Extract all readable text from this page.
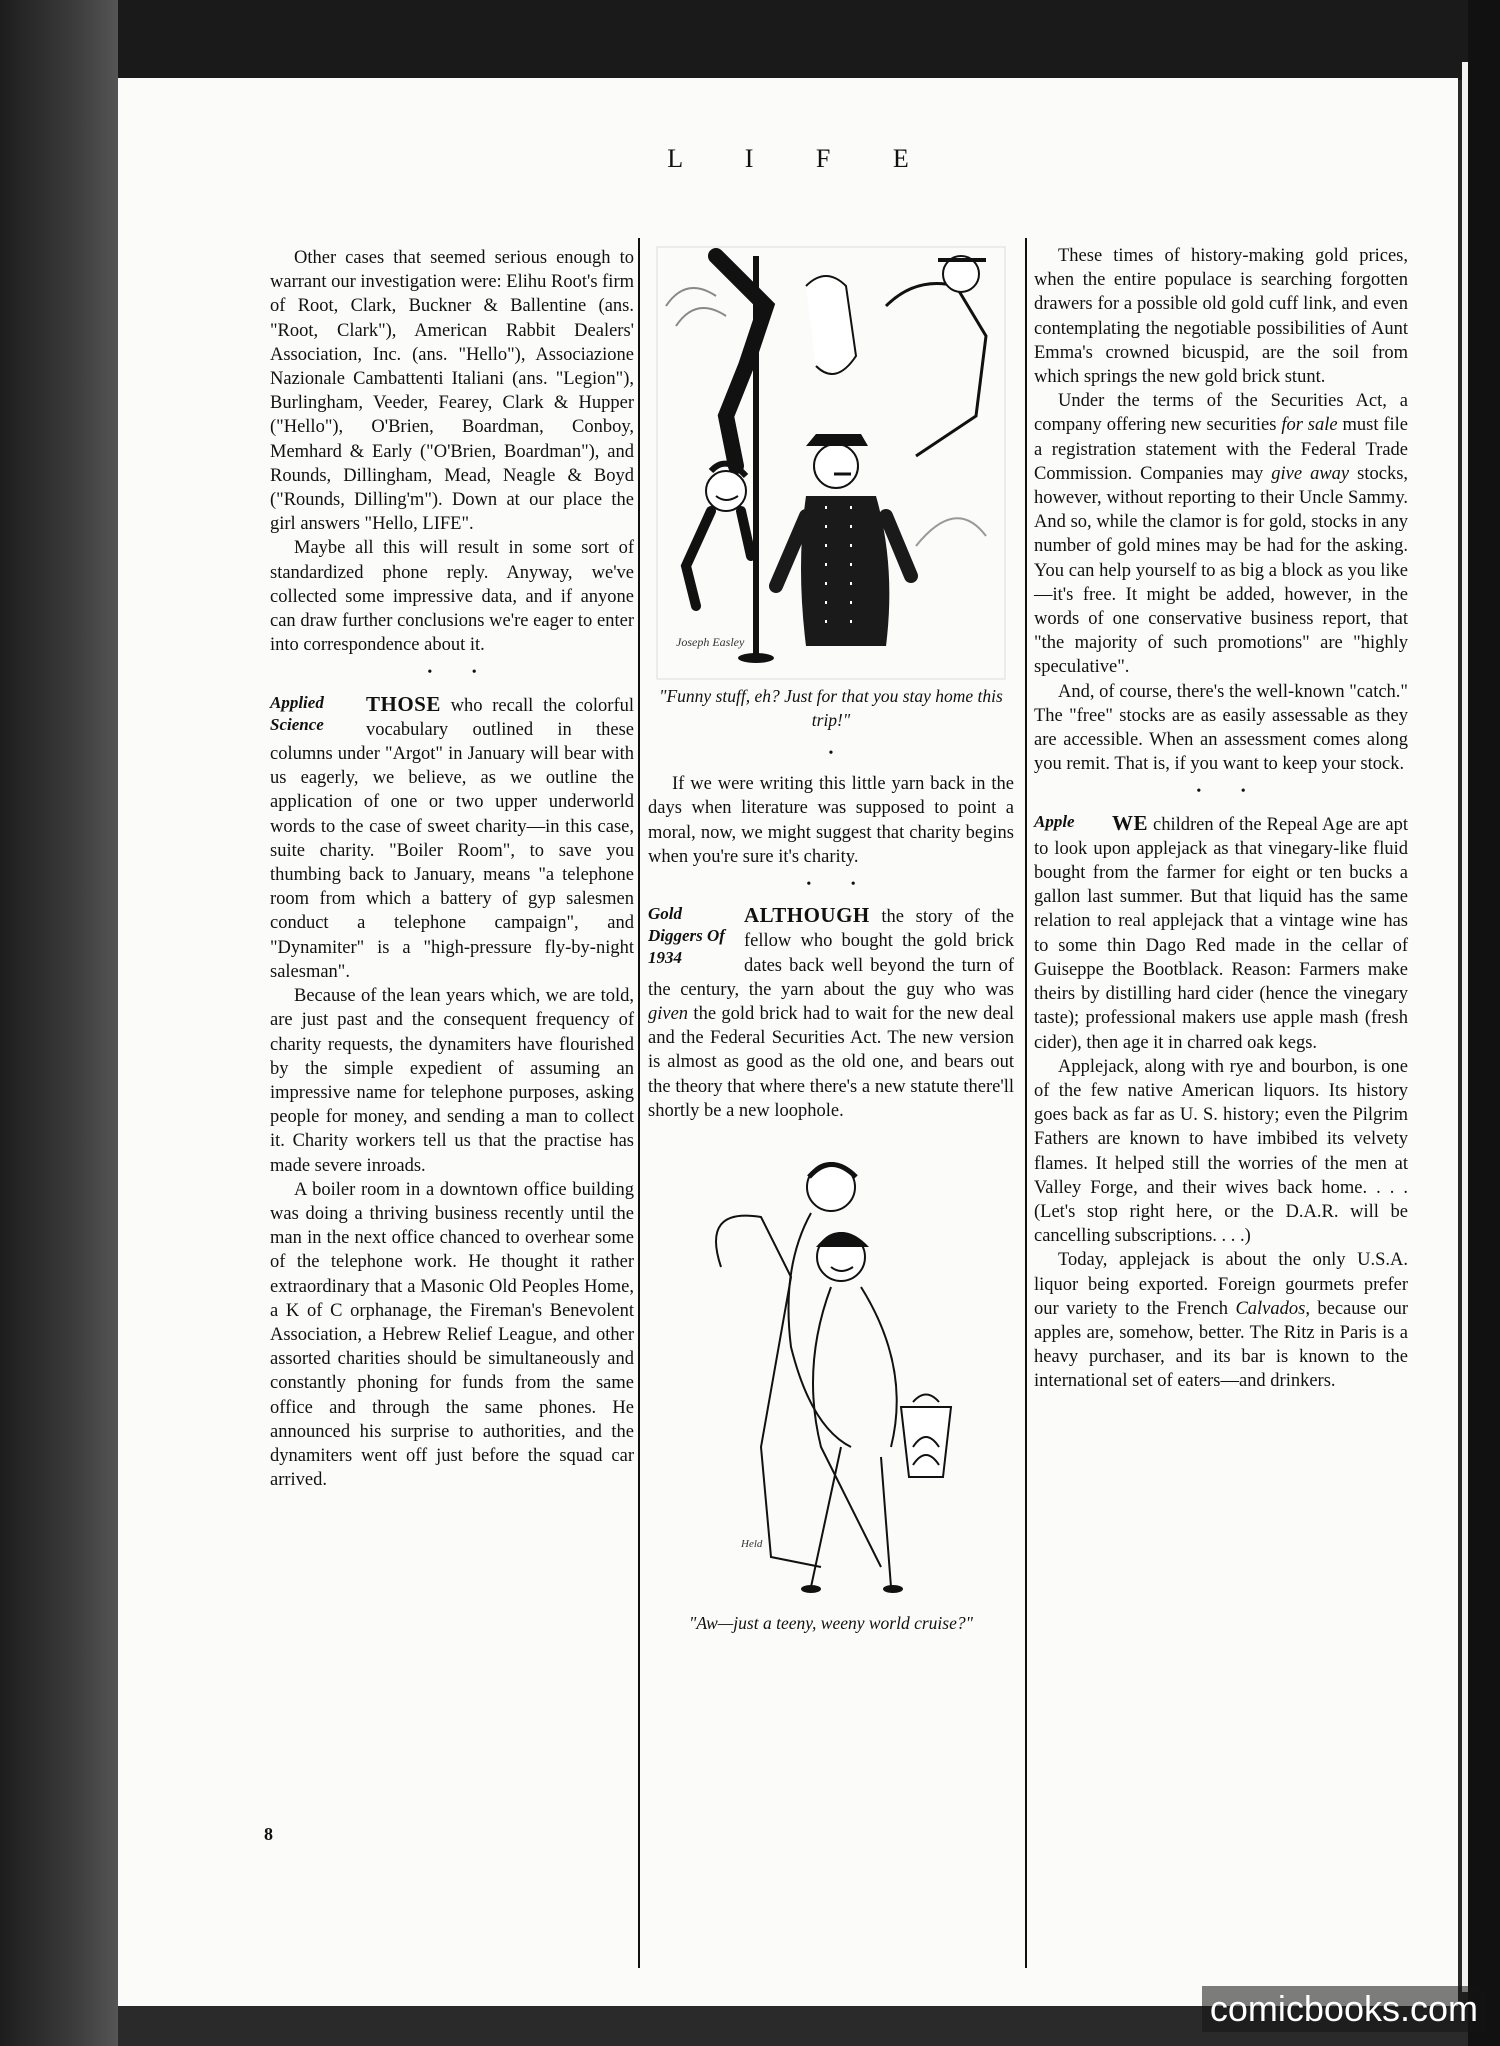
L I F E

Other cases that seemed serious enough to warrant our investigation were: Elihu Root's firm of Root, Clark, Buckner & Ballentine (ans. "Root, Clark"), American Rabbit Dealers' Association, Inc. (ans. "Hello"), Associazione Nazionale Cambattenti Italiani (ans. "Legion"), Burlingham, Veeder, Fearey, Clark & Hupper ("Hello"), O'Brien, Boardman, Conboy, Memhard & Early ("O'Brien, Boardman"), and Rounds, Dillingham, Mead, Neagle & Boyd ("Rounds, Dilling'm"). Down at our place the girl answers "Hello, LIFE".

Maybe all this will result in some sort of standardized phone reply. Anyway, we've collected some impressive data, and if anyone can draw further conclusions we're eager to enter into correspondence about it.

• •
Applied Science

THOSE who recall the colorful vocabulary outlined in these columns under "Argot" in January will bear with us eagerly, we believe, as we outline the application of one or two upper underworld words to the case of sweet charity—in this case, suite charity. "Boiler Room", to save you thumbing back to January, means "a telephone room from which a battery of gyp salesmen conduct a telephone campaign", and "Dynamiter" is a "high-pressure fly-by-night salesman".

Because of the lean years which, we are told, are just past and the consequent frequency of charity requests, the dynamiters have flourished by the simple expedient of assuming an impressive name for telephone purposes, asking people for money, and sending a man to collect it. Charity workers tell us that the practise has made severe inroads.

A boiler room in a downtown office building was doing a thriving business recently until the man in the next office chanced to overhear some of the telephone work. He thought it rather extraordinary that a Masonic Old Peoples Home, a K of C orphanage, the Fireman's Benevolent Association, a Hebrew Relief League, and other assorted charities should be simultaneously and constantly phoning for funds from the same office and through the same phones. He announced his surprise to authorities, and the dynamiters went off just before the squad car arrived.

Joseph Easley
"Funny stuff, eh? Just for that you stay home this trip!"
•

If we were writing this little yarn back in the days when literature was supposed to point a moral, now, we might suggest that charity begins when you're sure it's charity.

• •
Gold Diggers Of 1934

ALTHOUGH the story of the fellow who bought the gold brick dates back well beyond the turn of the century, the yarn about the guy who was given the gold brick had to wait for the new deal and the Federal Securities Act. The new version is almost as good as the old one, and bears out the theory that where there's a new statute there'll shortly be a new loophole.

Held
"Aw—just a teeny, weeny world cruise?"

These times of history-making gold prices, when the entire populace is searching forgotten drawers for a possible old gold cuff link, and even contemplating the negotiable possibilities of Aunt Emma's crowned bicuspid, are the soil from which springs the new gold brick stunt.

Under the terms of the Securities Act, a company offering new securities for sale must file a registration statement with the Federal Trade Commission. Companies may give away stocks, however, without reporting to their Uncle Sammy. And so, while the clamor is for gold, stocks in any number of gold mines may be had for the asking. You can help yourself to as big a block as you like—it's free. It might be added, however, in the words of one conservative business report, that "the majority of such promotions" are "highly speculative".

And, of course, there's the well-known "catch." The "free" stocks are as easily assessable as they are accessible. When an assessment comes along you remit. That is, if you want to keep your stock.

• •
Apple	WE children of the Repeal Age are apt to look upon applejack as that vinegary-like fluid bought from the farmer for eight or ten bucks a gallon last summer. But that liquid has the same relation to real applejack that a vintage wine has to some thin Dago Red made in the cellar of Guiseppe the Bootblack. Reason: Farmers make theirs by distilling hard cider (hence the vinegary taste); professional makers use apple mash (fresh cider), then age it in charred oak kegs.

Applejack, along with rye and bourbon, is one of the few native American liquors. Its history goes back as far as U. S. history; even the Pilgrim Fathers are known to have imbibed its velvety flames. It helped still the worries of the men at Valley Forge, and their wives back home. . . . (Let's stop right here, or the D.A.R. will be cancelling subscriptions. . . .)

Today, applejack is about the only U.S.A. liquor being exported. Foreign gourmets prefer our variety to the French Calvados, because our apples are, somehow, better. The Ritz in Paris is a heavy purchaser, and its bar is known to the international set of eaters—and drinkers.

8
comicbooks.com
